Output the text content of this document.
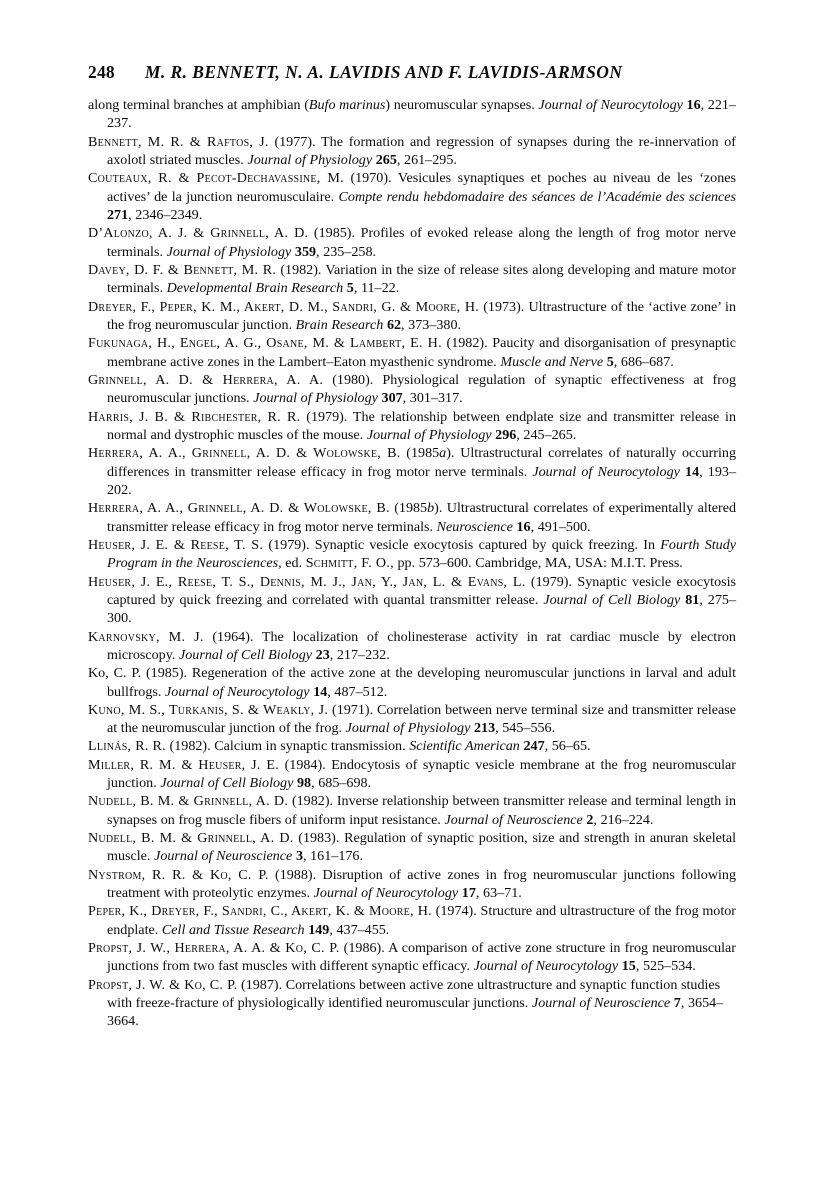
248 M. R. BENNETT, N. A. LAVIDIS AND F. LAVIDIS-ARMSON

along terminal branches at amphibian (Bufo marinus) neuromuscular synapses. Journal of Neurocytology 16, 221–237.

Bennett, M. R. & Raftos, J. (1977). The formation and regression of synapses during the re-innervation of axolotl striated muscles. Journal of Physiology 265, 261–295.

Couteaux, R. & Pecot-Dechavassine, M. (1970). Vesicules synaptiques et poches au niveau de les ‘zones actives’ de la junction neuromusculaire. Compte rendu hebdomadaire des séances de l’Académie des sciences 271, 2346–2349.

D’Alonzo, A. J. & Grinnell, A. D. (1985). Profiles of evoked release along the length of frog motor nerve terminals. Journal of Physiology 359, 235–258.

Davey, D. F. & Bennett, M. R. (1982). Variation in the size of release sites along developing and mature motor terminals. Developmental Brain Research 5, 11–22.

Dreyer, F., Peper, K. M., Akert, D. M., Sandri, G. & Moore, H. (1973). Ultrastructure of the ‘active zone’ in the frog neuromuscular junction. Brain Research 62, 373–380.

Fukunaga, H., Engel, A. G., Osane, M. & Lambert, E. H. (1982). Paucity and disorganisation of presynaptic membrane active zones in the Lambert–Eaton myasthenic syndrome. Muscle and Nerve 5, 686–687.

Grinnell, A. D. & Herrera, A. A. (1980). Physiological regulation of synaptic effectiveness at frog neuromuscular junctions. Journal of Physiology 307, 301–317.

Harris, J. B. & Ribchester, R. R. (1979). The relationship between endplate size and transmitter release in normal and dystrophic muscles of the mouse. Journal of Physiology 296, 245–265.

Herrera, A. A., Grinnell, A. D. & Wolowske, B. (1985a). Ultrastructural correlates of naturally occurring differences in transmitter release efficacy in frog motor nerve terminals. Journal of Neurocytology 14, 193–202.

Herrera, A. A., Grinnell, A. D. & Wolowske, B. (1985b). Ultrastructural correlates of experimentally altered transmitter release efficacy in frog motor nerve terminals. Neuroscience 16, 491–500.

Heuser, J. E. & Reese, T. S. (1979). Synaptic vesicle exocytosis captured by quick freezing. In Fourth Study Program in the Neurosciences, ed. Schmitt, F. O., pp. 573–600. Cambridge, MA, USA: M.I.T. Press.

Heuser, J. E., Reese, T. S., Dennis, M. J., Jan, Y., Jan, L. & Evans, L. (1979). Synaptic vesicle exocytosis captured by quick freezing and correlated with quantal transmitter release. Journal of Cell Biology 81, 275–300.

Karnovsky, M. J. (1964). The localization of cholinesterase activity in rat cardiac muscle by electron microscopy. Journal of Cell Biology 23, 217–232.

Ko, C. P. (1985). Regeneration of the active zone at the developing neuromuscular junctions in larval and adult bullfrogs. Journal of Neurocytology 14, 487–512.

Kuno, M. S., Turkanis, S. & Weakly, J. (1971). Correlation between nerve terminal size and transmitter release at the neuromuscular junction of the frog. Journal of Physiology 213, 545–556.

Llinás, R. R. (1982). Calcium in synaptic transmission. Scientific American 247, 56–65.

Miller, R. M. & Heuser, J. E. (1984). Endocytosis of synaptic vesicle membrane at the frog neuromuscular junction. Journal of Cell Biology 98, 685–698.

Nudell, B. M. & Grinnell, A. D. (1982). Inverse relationship between transmitter release and terminal length in synapses on frog muscle fibers of uniform input resistance. Journal of Neuroscience 2, 216–224.

Nudell, B. M. & Grinnell, A. D. (1983). Regulation of synaptic position, size and strength in anuran skeletal muscle. Journal of Neuroscience 3, 161–176.

Nystrom, R. R. & Ko, C. P. (1988). Disruption of active zones in frog neuromuscular junctions following treatment with proteolytic enzymes. Journal of Neurocytology 17, 63–71.

Peper, K., Dreyer, F., Sandri, C., Akert, K. & Moore, H. (1974). Structure and ultrastructure of the frog motor endplate. Cell and Tissue Research 149, 437–455.

Propst, J. W., Herrera, A. A. & Ko, C. P. (1986). A comparison of active zone structure in frog neuromuscular junctions from two fast muscles with different synaptic efficacy. Journal of Neurocytology 15, 525–534.

Propst, J. W. & Ko, C. P. (1987). Correlations between active zone ultrastructure and synaptic function studies with freeze-fracture of physiologically identified neuromuscular junctions. Journal of Neuroscience 7, 3654–3664.
